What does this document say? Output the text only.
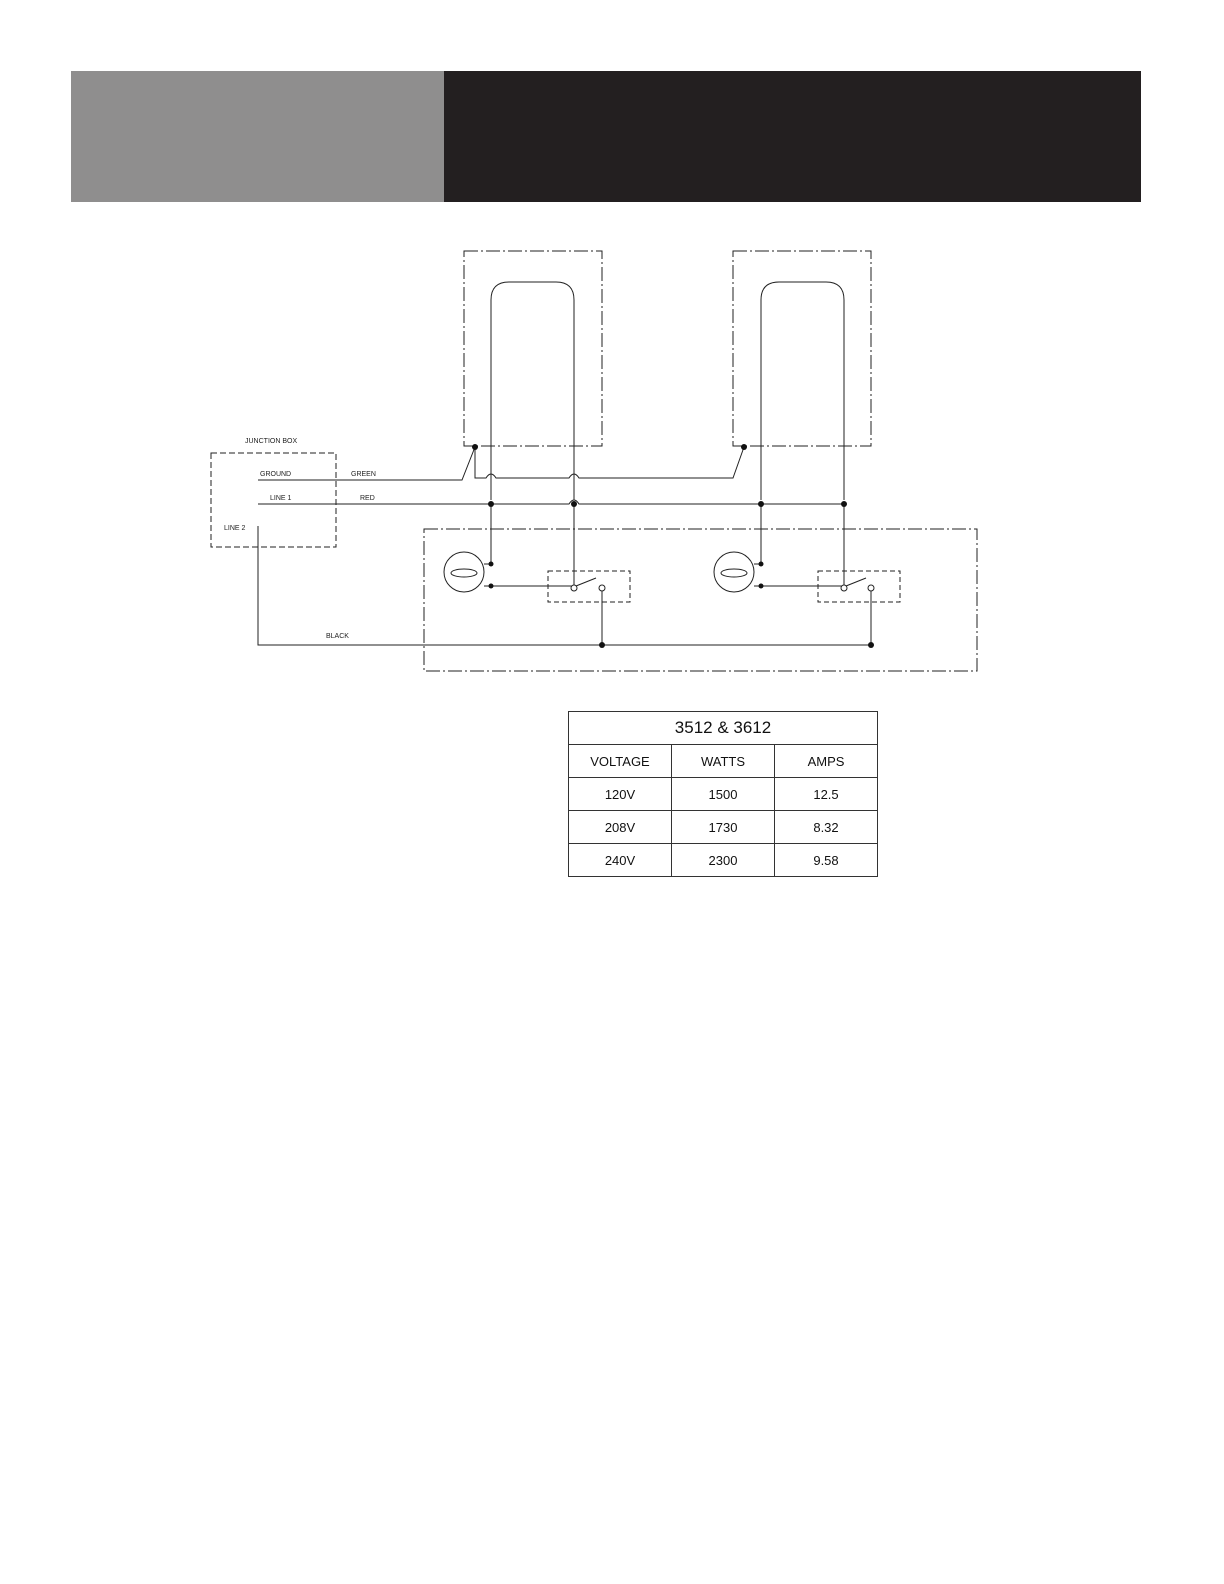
JUNCTION BOX
GROUND	GREEN
LINE 1	RED
LINE 2
BLACK
3512 & 3612		
VOLTAGE	WATTS	AMPS
120V	1500	12.5
208V	1730	8.32
240V	2300	9.58
